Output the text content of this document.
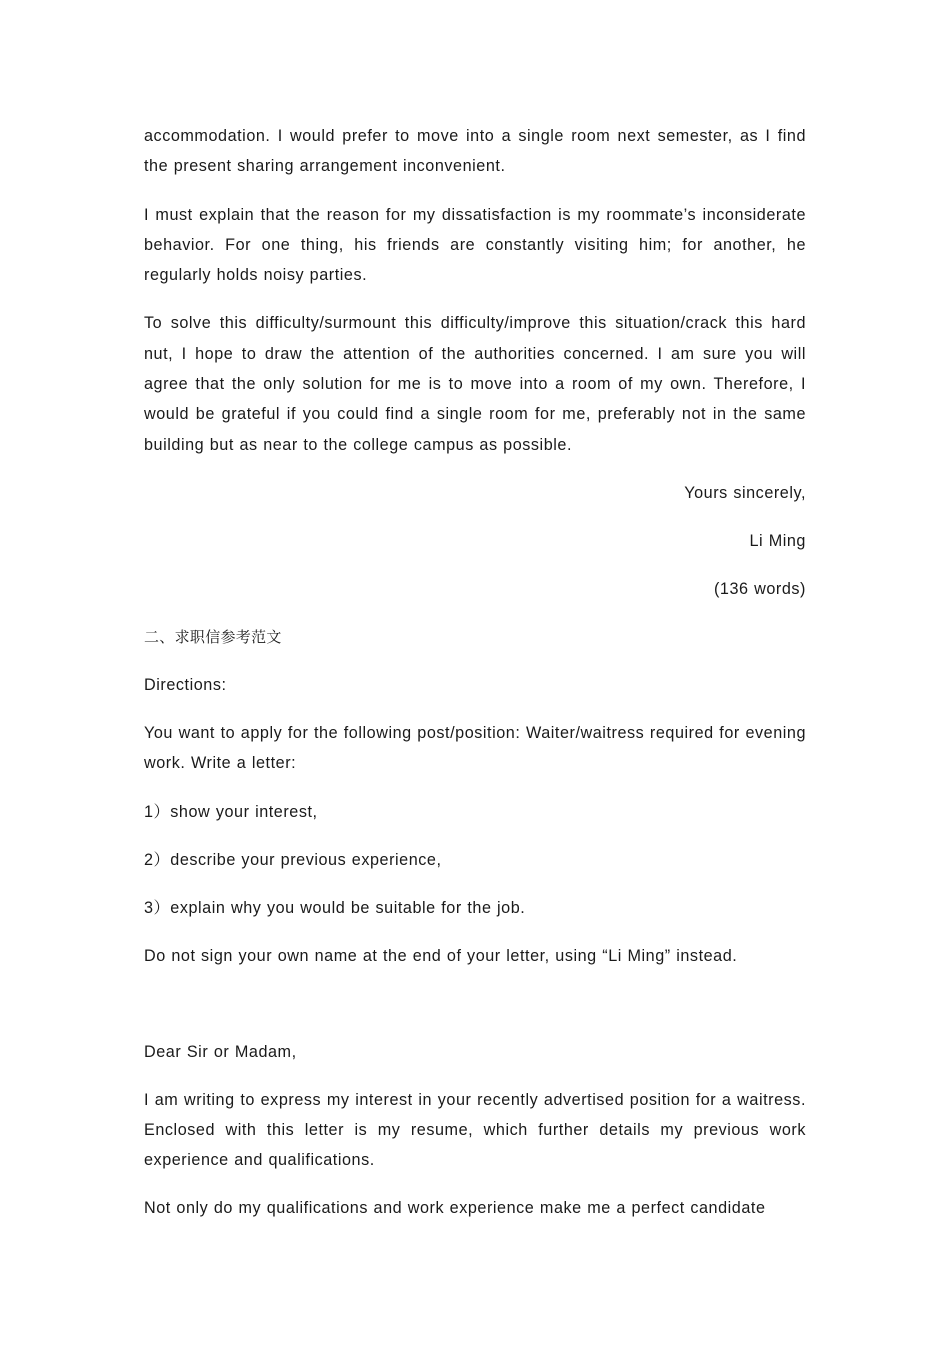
accommodation. I would prefer to move into a single room next semester, as I find the present sharing arrangement inconvenient.

I must explain that the reason for my dissatisfaction is my roommate’s inconsiderate behavior. For one thing, his friends are constantly visiting him; for another, he regularly holds noisy parties.

To solve this difficulty/surmount this difficulty/improve this situation/crack this hard nut, I hope to draw the attention of the authorities concerned. I am sure you will agree that the only solution for me is to move into a room of my own. Therefore, I would be grateful if you could find a single room for me, preferably not in the same building but as near to the college campus as possible.

Yours sincerely,

Li Ming

(136 words)

二、求职信参考范文

Directions:

You want to apply for the following post/position: Waiter/waitress required for evening work. Write a letter:

1）show your interest,

2）describe your previous experience,

3）explain why you would be suitable for the job.

Do not sign your own name at the end of your letter, using “Li Ming” instead.

Dear Sir or Madam,

I am writing to express my interest in your recently advertised position for a waitress. Enclosed with this letter is my resume, which further details my previous work experience and qualifications.

Not only do my qualifications and work experience make me a perfect candidate
